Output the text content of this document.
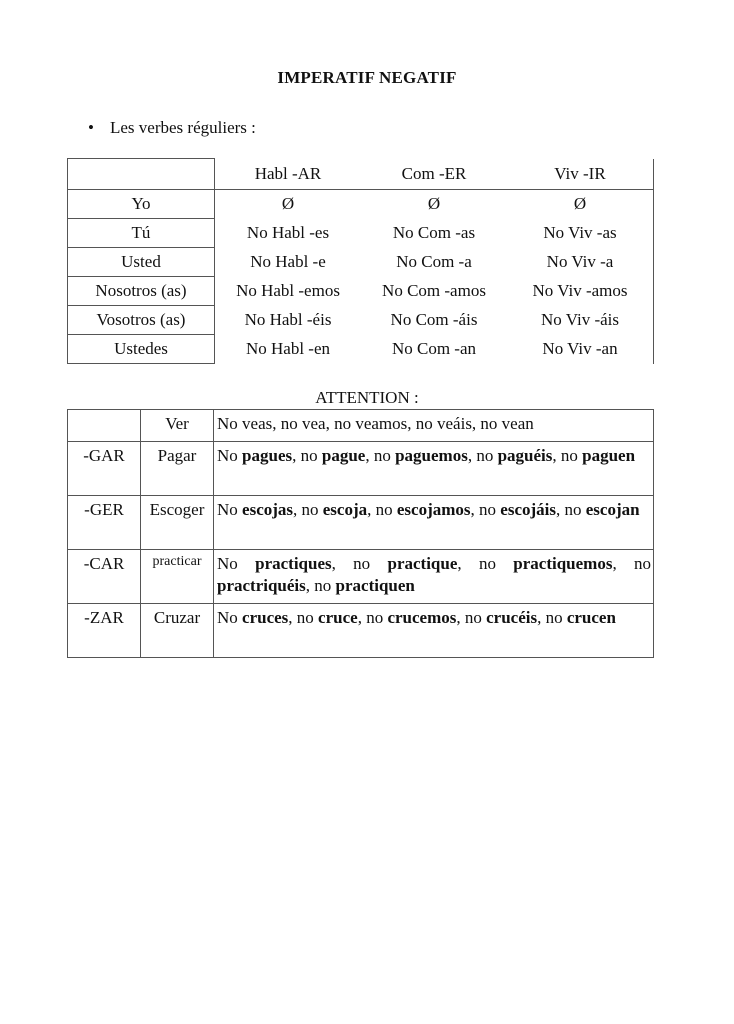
IMPERATIF NEGATIF
• Les verbes réguliers :
	Habl -AR	Com -ER	Viv -IR
Yo	Ø	Ø	Ø
Tú	No Habl -es	No Com -as	No Viv -as
Usted	No Habl -e	No Com -a	No Viv -a
Nosotros (as)	No Habl -emos	No Com -amos	No Viv -amos
Vosotros (as)	No Habl -éis	No Com -áis	No Viv -áis
Ustedes	No Habl -en	No Com -an	No Viv -an
ATTENTION :
	Ver	No veas, no vea, no veamos, no veáis, no vean
-GAR	Pagar	No pagues, no pague, no paguemos, no paguéis, no paguen
-GER	Escoger	No escojas, no escoja, no escojamos, no escojáis, no escojan
-CAR	practicar	No practiques, no practique, no practiquemos, no practriquéis, no practiquen
-ZAR	Cruzar	No cruces, no cruce, no crucemos, no crucéis, no crucen
